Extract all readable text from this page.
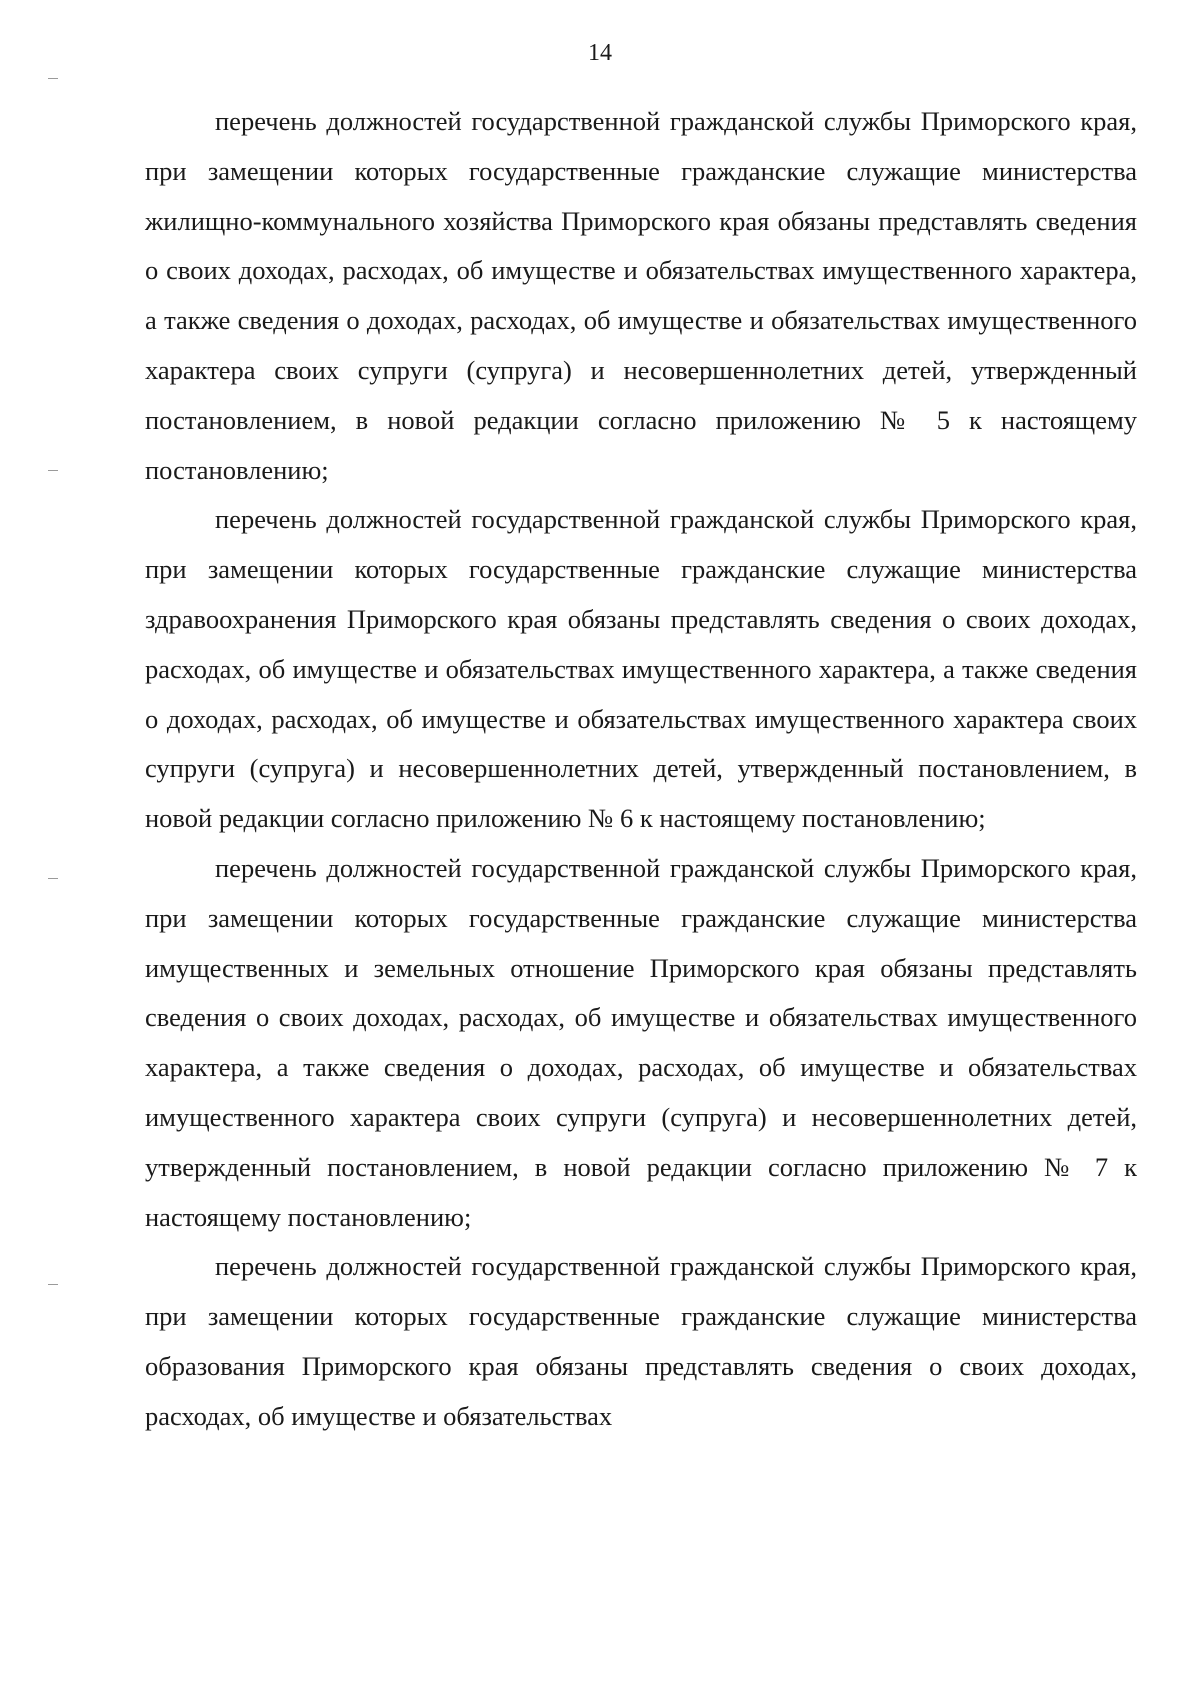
14

перечень должностей государственной гражданской службы Приморского края, при замещении которых государственные гражданские служащие министерства жилищно-коммунального хозяйства Приморского края обязаны представлять сведения о своих доходах, расходах, об имуществе и обязательствах имущественного характера, а также сведения о доходах, расходах, об имуществе и обязательствах имущественного характера своих супруги (супруга) и несовершеннолетних детей, утвержденный постановлением, в новой редакции согласно приложению № 5 к настоящему постановлению;

перечень должностей государственной гражданской службы Приморского края, при замещении которых государственные гражданские служащие министерства здравоохранения Приморского края обязаны представлять сведения о своих доходах, расходах, об имуществе и обязательствах имущественного характера, а также сведения о доходах, расходах, об имуществе и обязательствах имущественного характера своих супруги (супруга) и несовершеннолетних детей, утвержденный постановлением, в новой редакции согласно приложению № 6 к настоящему постановлению;

перечень должностей государственной гражданской службы Приморского края, при замещении которых государственные гражданские служащие министерства имущественных и земельных отношение Приморского края обязаны представлять сведения о своих доходах, расходах, об имуществе и обязательствах имущественного характера, а также сведения о доходах, расходах, об имуществе и обязательствах имущественного характера своих супруги (супруга) и несовершеннолетних детей, утвержденный постановлением, в новой редакции согласно приложению № 7 к настоящему постановлению;

перечень должностей государственной гражданской службы Приморского края, при замещении которых государственные гражданские служащие министерства образования Приморского края обязаны представлять сведения о своих доходах, расходах, об имуществе и обязательствах
